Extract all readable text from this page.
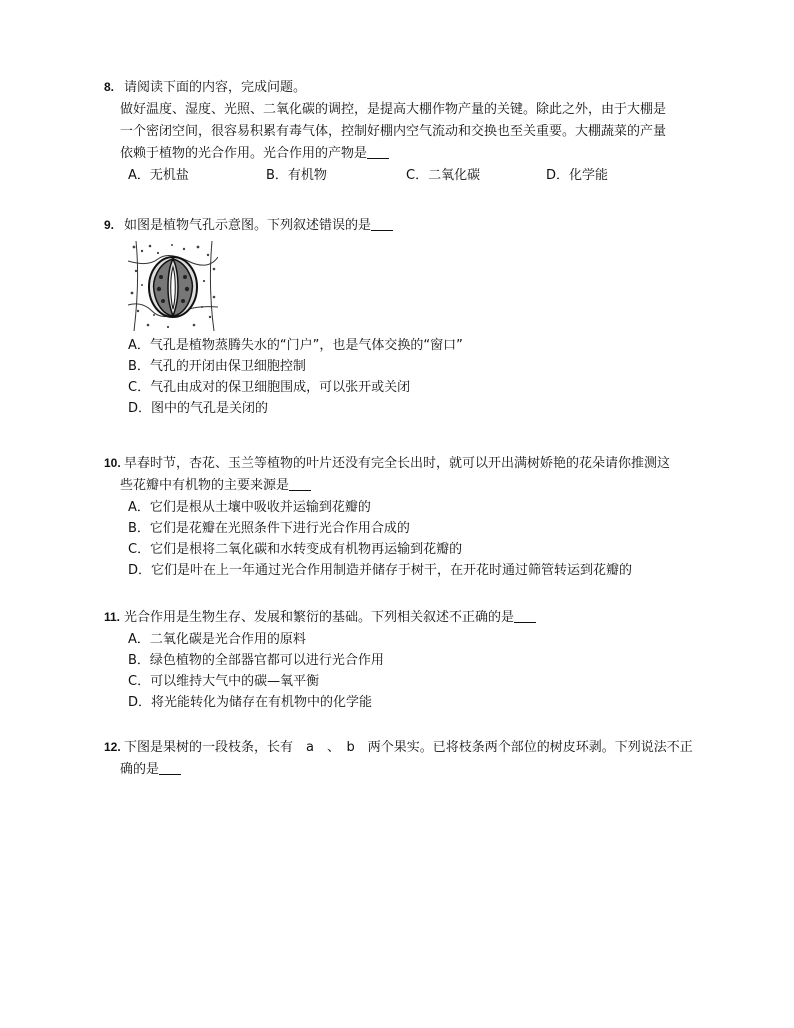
8. 请阅读下面的内容，完成问题。
做好温度、湿度、光照、二氧化碳的调控，是提高大棚作物产量的关键。除此之外，由于大棚是
一个密闭空间，很容易积累有毒气体，控制好棚内空气流动和交换也至关重要。大棚蔬菜的产量
依赖于植物的光合作用。光合作用的产物是
A．无机盐	B．有机物	C．二氧化碳	D．化学能
9. 如图是植物气孔示意图。下列叙述错误的是
A．气孔是植物蒸腾失水的“门户”，也是气体交换的“窗口”
B．气孔的开闭由保卫细胞控制
C．气孔由成对的保卫细胞围成，可以张开或关闭
D．图中的气孔是关闭的
10. 早春时节，杏花、玉兰等植物的叶片还没有完全长出时，就可以开出满树娇艳的花朵请你推测这
些花瓣中有机物的主要来源是
A．它们是根从土壤中吸收并运输到花瓣的
B．它们是花瓣在光照条件下进行光合作用合成的
C．它们是根将二氧化碳和水转变成有机物再运输到花瓣的
D．它们是叶在上一年通过光合作用制造并储存于树干，在开花时通过筛管转运到花瓣的
11. 光合作用是生物生存、发展和繁衍的基础。下列相关叙述不正确的是
A．二氧化碳是光合作用的原料
B．绿色植物的全部器官都可以进行光合作用
C．可以维持大气中的碳—氧平衡
D．将光能转化为储存在有机物中的化学能
12. 下图是果树的一段枝条，长有　a　、　b　两个果实。已将枝条两个部位的树皮环剥。下列说法不正
确的是
